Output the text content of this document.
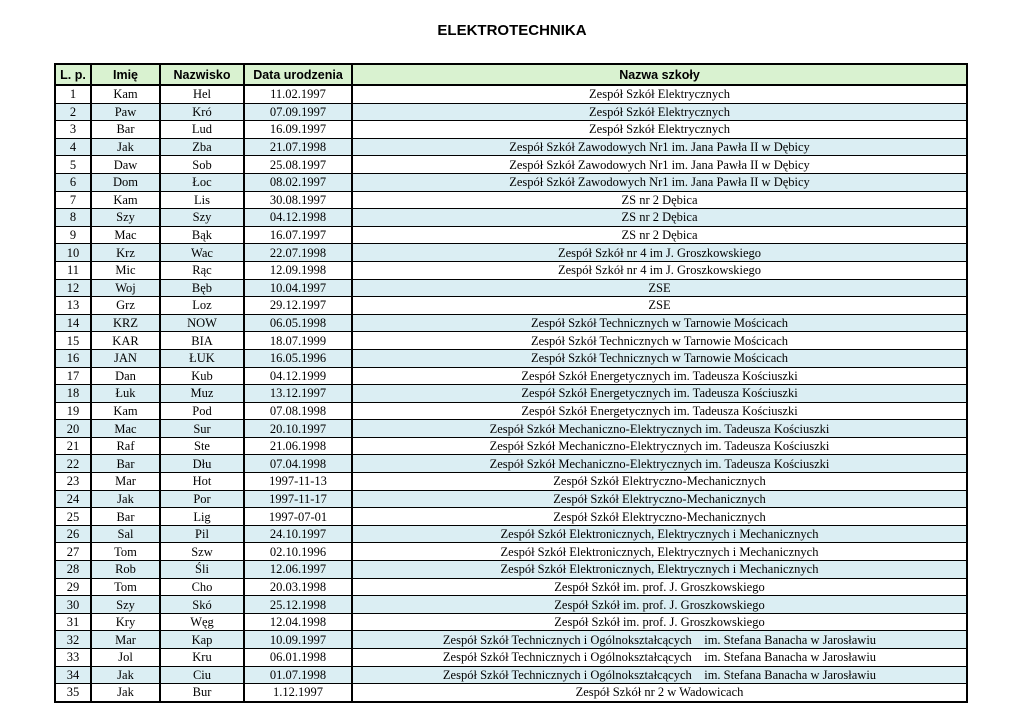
ELEKTROTECHNIKA
L. p.	Imię	Nazwisko	Data urodzenia	Nazwa szkoły
1	Kam	Hel	11.02.1997	Zespół Szkół Elektrycznych
2	Paw	Kró	07.09.1997	Zespół Szkół Elektrycznych
3	Bar	Lud	16.09.1997	Zespół Szkół Elektrycznych
4	Jak	Zba	21.07.1998	Zespół Szkół Zawodowych Nr1 im. Jana Pawła II w Dębicy
5	Daw	Sob	25.08.1997	Zespół Szkół Zawodowych Nr1 im. Jana Pawła II w Dębicy
6	Dom	Łoc	08.02.1997	Zespół Szkół Zawodowych Nr1 im. Jana Pawła II w Dębicy
7	Kam	Lis	30.08.1997	ZS nr 2 Dębica
8	Szy	Szy	04.12.1998	ZS nr 2 Dębica
9	Mac	Bąk	16.07.1997	ZS nr 2 Dębica
10	Krz	Wac	22.07.1998	Zespół Szkół nr 4 im J. Groszkowskiego
11	Mic	Rąc	12.09.1998	Zespół Szkół nr 4 im J. Groszkowskiego
12	Woj	Bęb	10.04.1997	ZSE
13	Grz	Loz	29.12.1997	ZSE
14	KRZ	NOW	06.05.1998	Zespół Szkół Technicznych w Tarnowie Mościcach
15	KAR	BIA	18.07.1999	Zespół Szkół Technicznych w Tarnowie Mościcach
16	JAN	ŁUK	16.05.1996	Zespół Szkół Technicznych w Tarnowie Mościcach
17	Dan	Kub	04.12.1999	Zespół Szkół Energetycznych im. Tadeusza Kościuszki
18	Łuk	Muz	13.12.1997	Zespół Szkół Energetycznych im. Tadeusza Kościuszki
19	Kam	Pod	07.08.1998	Zespół Szkół Energetycznych im. Tadeusza Kościuszki
20	Mac	Sur	20.10.1997	Zespół Szkół Mechaniczno-Elektrycznych im. Tadeusza Kościuszki
21	Raf	Ste	21.06.1998	Zespół Szkół Mechaniczno-Elektrycznych im. Tadeusza Kościuszki
22	Bar	Dłu	07.04.1998	Zespół Szkół Mechaniczno-Elektrycznych im. Tadeusza Kościuszki
23	Mar	Hot	1997-11-13	Zespół Szkół Elektryczno-Mechanicznych
24	Jak	Por	1997-11-17	Zespół Szkół Elektryczno-Mechanicznych
25	Bar	Lig	1997-07-01	Zespół Szkół Elektryczno-Mechanicznych
26	Sal	Pil	24.10.1997	Zespół Szkół Elektronicznych, Elektrycznych i Mechanicznych
27	Tom	Szw	02.10.1996	Zespół Szkół Elektronicznych, Elektrycznych i Mechanicznych
28	Rob	Śli	12.06.1997	Zespół Szkół Elektronicznych, Elektrycznych i Mechanicznych
29	Tom	Cho	20.03.1998	Zespół Szkół im. prof. J. Groszkowskiego
30	Szy	Skó	25.12.1998	Zespół Szkół im. prof. J. Groszkowskiego
31	Kry	Węg	12.04.1998	Zespół Szkół im. prof. J. Groszkowskiego
32	Mar	Kap	10.09.1997	Zespół Szkół Technicznych i Ogólnokształcących    im. Stefana Banacha w Jarosławiu
33	Jol	Kru	06.01.1998	Zespół Szkół Technicznych i Ogólnokształcących    im. Stefana Banacha w Jarosławiu
34	Jak	Ciu	01.07.1998	Zespół Szkół Technicznych i Ogólnokształcących    im. Stefana Banacha w Jarosławiu
35	Jak	Bur	1.12.1997	Zespół Szkół nr 2 w Wadowicach
